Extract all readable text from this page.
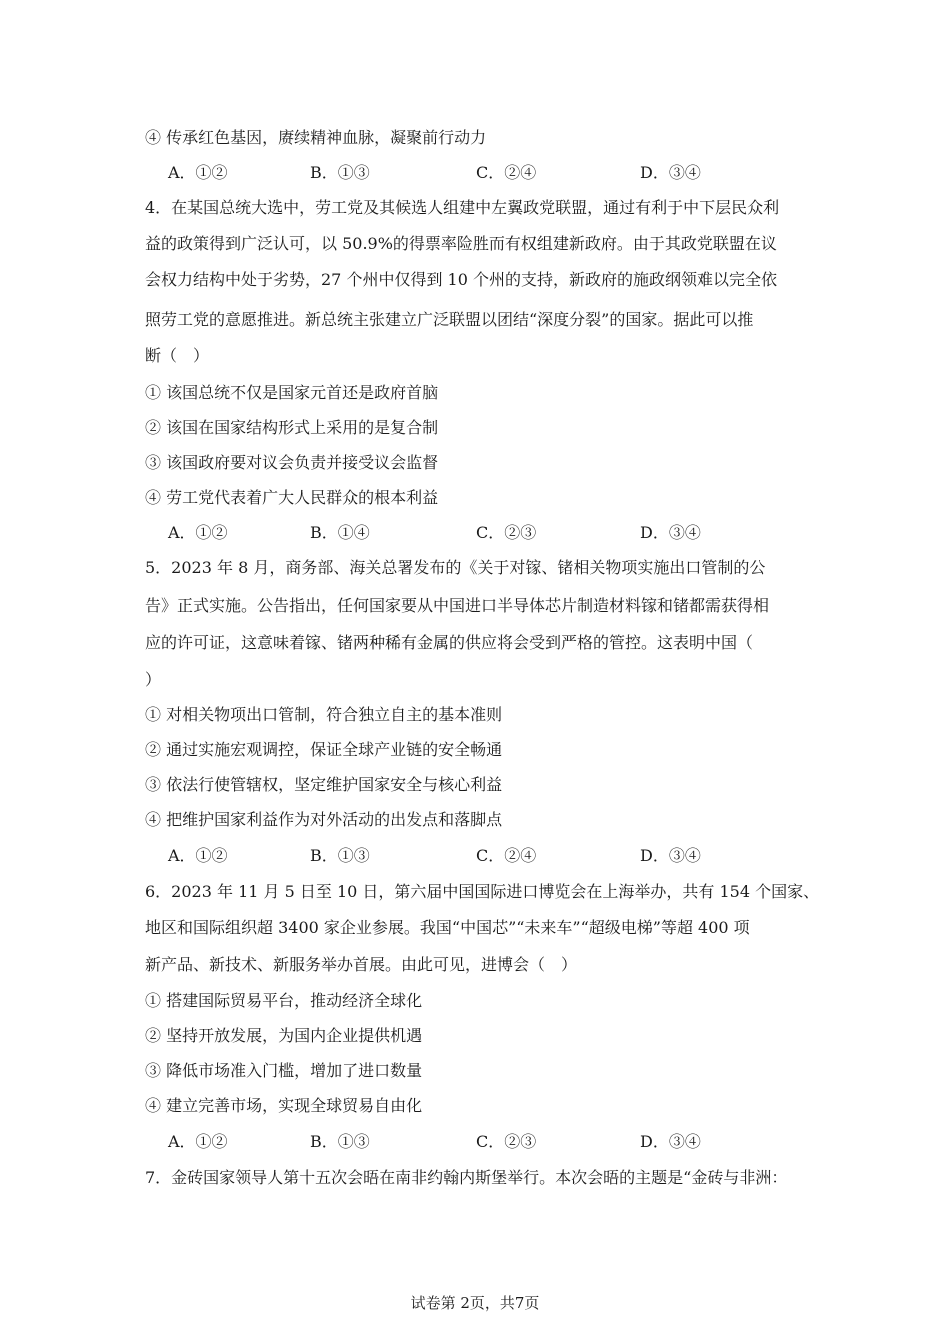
④ 传承红色基因，赓续精神血脉，凝聚前行动力
A．①②	B．①③	C．②④	D．③④
4．在某国总统大选中，劳工党及其候选人组建中左翼政党联盟，通过有利于中下层民众利
益的政策得到广泛认可，以 50.9%的得票率险胜而有权组建新政府。由于其政党联盟在议
会权力结构中处于劣势，27 个州中仅得到 10 个州的支持，新政府的施政纲领难以完全依
照劳工党的意愿推进。新总统主张建立广泛联盟以团结“深度分裂”的国家。据此可以推
断（　）
① 该国总统不仅是国家元首还是政府首脑
② 该国在国家结构形式上采用的是复合制
③ 该国政府要对议会负责并接受议会监督
④ 劳工党代表着广大人民群众的根本利益
A．①②	B．①④	C．②③	D．③④
5．2023 年 8 月，商务部、海关总署发布的《关于对镓、锗相关物项实施出口管制的公
告》正式实施。公告指出，任何国家要从中国进口半导体芯片制造材料镓和锗都需获得相
应的许可证，这意味着镓、锗两种稀有金属的供应将会受到严格的管控。这表明中国（
）
① 对相关物项出口管制，符合独立自主的基本准则
② 通过实施宏观调控，保证全球产业链的安全畅通
③ 依法行使管辖权，坚定维护国家安全与核心利益
④ 把维护国家利益作为对外活动的出发点和落脚点
A．①②	B．①③	C．②④	D．③④
6．2023 年 11 月 5 日至 10 日，第六届中国国际进口博览会在上海举办，共有 154 个国家、
地区和国际组织超 3400 家企业参展。我国“中国芯”“未来车”“超级电梯”等超 400 项
新产品、新技术、新服务举办首展。由此可见，进博会（　）
① 搭建国际贸易平台，推动经济全球化
② 坚持开放发展，为国内企业提供机遇
③ 降低市场准入门槛，增加了进口数量
④ 建立完善市场，实现全球贸易自由化
A．①②	B．①③	C．②③	D．③④
7．金砖国家领导人第十五次会晤在南非约翰内斯堡举行。本次会晤的主题是“金砖与非洲：
试卷第 2页，共7页
